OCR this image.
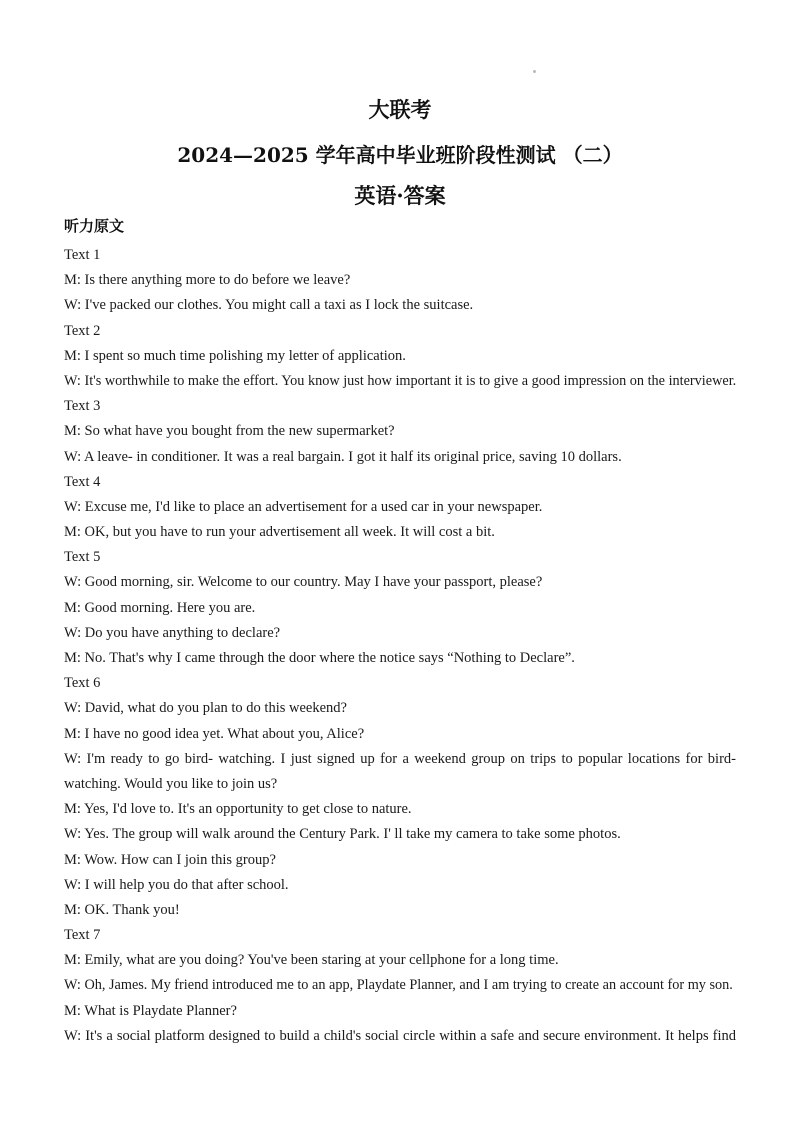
大联考
2024—2025 学年高中毕业班阶段性测试 （二）
英语·答案
听力原文
Text 1
M: Is there anything more to do before we leave?
W: I've packed our clothes. You might call a taxi as I lock the suitcase.
Text 2
M: I spent so much time polishing my letter of application.
W: It's worthwhile to make the effort. You know just how important it is to give a good impression on the interviewer.
Text 3
M: So what have you bought from the new supermarket?
W: A leave- in conditioner. It was a real bargain. I got it half its original price, saving 10 dollars.
Text 4
W: Excuse me, I'd like to place an advertisement for a used car in your newspaper.
M: OK, but you have to run your advertisement all week. It will cost a bit.
Text 5
W: Good morning, sir. Welcome to our country. May I have your passport, please?
M: Good morning. Here you are.
W: Do you have anything to declare?
M: No. That's why I came through the door where the notice says “Nothing to Declare”.
Text 6
W: David, what do you plan to do this weekend?
M: I have no good idea yet. What about you, Alice?
W: I'm ready to go bird- watching. I just signed up for a weekend group on trips to popular locations for bird-
watching. Would you like to join us?
M: Yes, I'd love to. It's an opportunity to get close to nature.
W: Yes. The group will walk around the Century Park. I' ll take my camera to take some photos.
M: Wow. How can I join this group?
W: I will help you do that after school.
M: OK. Thank you!
Text 7
M: Emily, what are you doing? You've been staring at your cellphone for a long time.
W: Oh, James. My friend introduced me to an app, Playdate Planner, and I am trying to create an account for my son.
M: What is Playdate Planner?
W: It's a social platform designed to build a child's social circle within a safe and secure environment. It helps find
